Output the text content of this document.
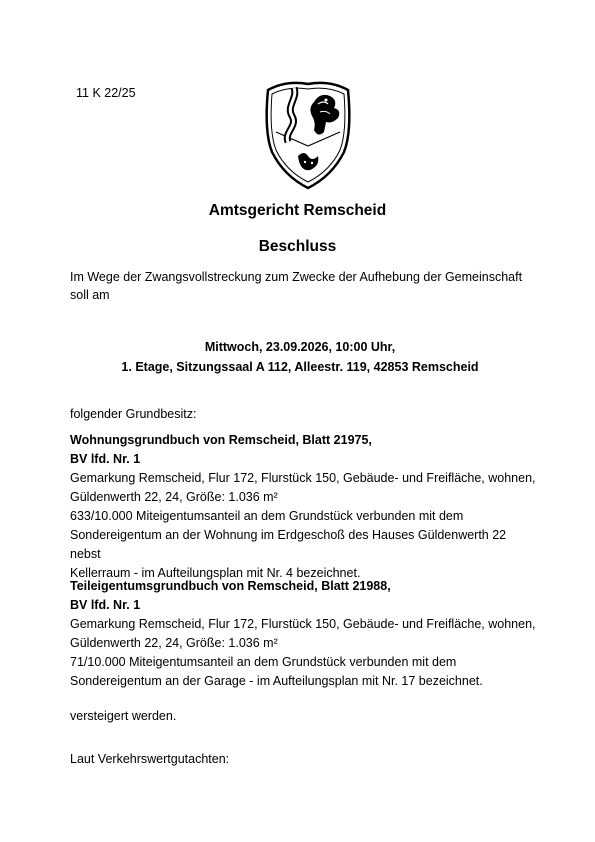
11 K 22/25
Amtsgericht Remscheid
Beschluss
Im Wege der Zwangsvollstreckung zum Zwecke der Aufhebung der Gemeinschaft
soll am
Mittwoch, 23.09.2026, 10:00 Uhr,
1. Etage, Sitzungssaal A 112, Alleestr. 119, 42853 Remscheid
folgender Grundbesitz:
Wohnungsgrundbuch von Remscheid, Blatt 21975,
BV lfd. Nr. 1
Gemarkung Remscheid, Flur 172, Flurstück 150, Gebäude- und Freifläche, wohnen,
Güldenwerth 22, 24, Größe: 1.036 m²
633/10.000 Miteigentumsanteil an dem Grundstück verbunden mit dem
Sondereigentum an der Wohnung im Erdgeschoß des Hauses Güldenwerth 22 nebst
Kellerraum - im Aufteilungsplan mit Nr. 4 bezeichnet.
Teileigentumsgrundbuch von Remscheid, Blatt 21988,
BV lfd. Nr. 1
Gemarkung Remscheid, Flur 172, Flurstück 150, Gebäude- und Freifläche, wohnen,
Güldenwerth 22, 24, Größe: 1.036 m²
71/10.000 Miteigentumsanteil an dem Grundstück verbunden mit dem
Sondereigentum an der Garage - im Aufteilungsplan mit Nr. 17 bezeichnet.
versteigert werden.
Laut Verkehrswertgutachten:
